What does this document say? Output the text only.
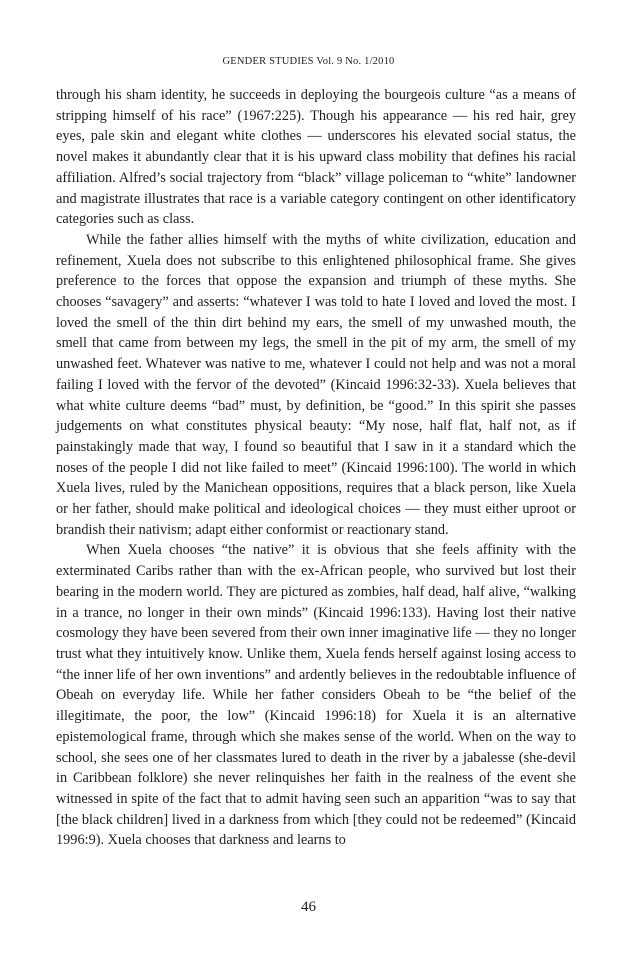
GENDER STUDIES Vol. 9 No. 1/2010

through his sham identity, he succeeds in deploying the bourgeois culture “as a means of stripping himself of his race” (1967:225). Though his appearance — his red hair, grey eyes, pale skin and elegant white clothes — underscores his elevated social status, the novel makes it abundantly clear that it is his upward class mobility that defines his racial affiliation. Alfred’s social trajectory from “black” village policeman to “white” landowner and magistrate illustrates that race is a variable category contingent on other identificatory categories such as class.

While the father allies himself with the myths of white civilization, education and refinement, Xuela does not subscribe to this enlightened philosophical frame. She gives preference to the forces that oppose the expansion and triumph of these myths. She chooses “savagery” and asserts: “whatever I was told to hate I loved and loved the most. I loved the smell of the thin dirt behind my ears, the smell of my unwashed mouth, the smell that came from between my legs, the smell in the pit of my arm, the smell of my unwashed feet. Whatever was native to me, whatever I could not help and was not a moral failing I loved with the fervor of the devoted” (Kincaid 1996:32-33). Xuela believes that what white culture deems “bad” must, by definition, be “good.” In this spirit she passes judgements on what constitutes physical beauty: “My nose, half flat, half not, as if painstakingly made that way, I found so beautiful that I saw in it a standard which the noses of the people I did not like failed to meet” (Kincaid 1996:100). The world in which Xuela lives, ruled by the Manichean oppositions, requires that a black person, like Xuela or her father, should make political and ideological choices — they must either uproot or brandish their nativism; adapt either conformist or reactionary stand.

When Xuela chooses “the native” it is obvious that she feels affinity with the exterminated Caribs rather than with the ex-African people, who survived but lost their bearing in the modern world. They are pictured as zombies, half dead, half alive, “walking in a trance, no longer in their own minds” (Kincaid 1996:133). Having lost their native cosmology they have been severed from their own inner imaginative life — they no longer trust what they intuitively know. Unlike them, Xuela fends herself against losing access to “the inner life of her own inventions” and ardently believes in the redoubtable influence of Obeah on everyday life. While her father considers Obeah to be “the belief of the illegitimate, the poor, the low” (Kincaid 1996:18) for Xuela it is an alternative epistemological frame, through which she makes sense of the world. When on the way to school, she sees one of her classmates lured to death in the river by a jabalesse (she-devil in Caribbean folklore) she never relinquishes her faith in the realness of the event she witnessed in spite of the fact that to admit having seen such an apparition “was to say that [the black children] lived in a darkness from which [they could not be redeemed” (Kincaid 1996:9). Xuela chooses that darkness and learns to

46
